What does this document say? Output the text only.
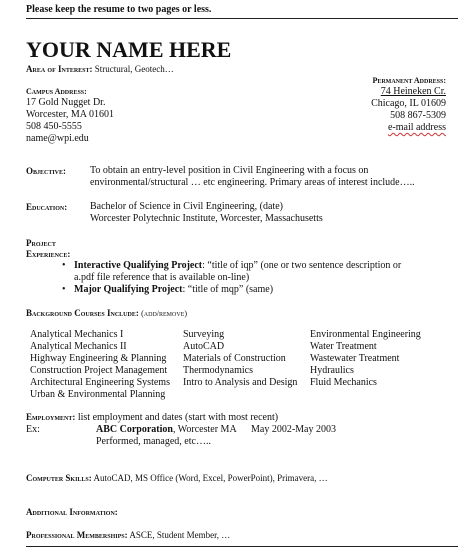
Please keep the resume to two pages or less.
YOUR NAME HERE
Area of Interest: Structural, Geotech…
Permanent Address:
74 Heineken Cr.
Chicago, IL 01609
508 867-5309
e-mail address
Campus Address:
17 Gold Nugget Dr.
Worcester, MA 01601
508 450-5555
name@wpi.edu
Objective: To obtain an entry-level position in Civil Engineering with a focus on
environmental/structural … etc engineering. Primary areas of interest include…..
Education: Bachelor of Science in Civil Engineering, (date)
Worcester Polytechnic Institute, Worcester, Massachusetts
Project
Experience:
• Interactive Qualifying Project: “title of iqp” (one or two sentence description or
a.pdf file reference that is available on-line)
• Major Qualifying Project: “title of mqp” (same)
Background Courses Include: (add/remove)
Analytical Mechanics I
Analytical Mechanics II
Highway Engineering & Planning
Construction Project Management
Architectural Engineering Systems
Urban & Environmental Planning
Surveying
AutoCAD
Materials of Construction
Thermodynamics
Intro to Analysis and Design
Environmental Engineering
Water Treatment
Wastewater Treatment
Hydraulics
Fluid Mechanics
Employment: list employment and dates (start with most recent)
Ex:	ABC Corporation, Worcester MA May 2002-May 2003
Performed, managed, etc…..
Computer Skills: AutoCAD, MS Office (Word, Excel, PowerPoint), Primavera, …
Additional Information:
Professional Memberships: ASCE, Student Member, …
